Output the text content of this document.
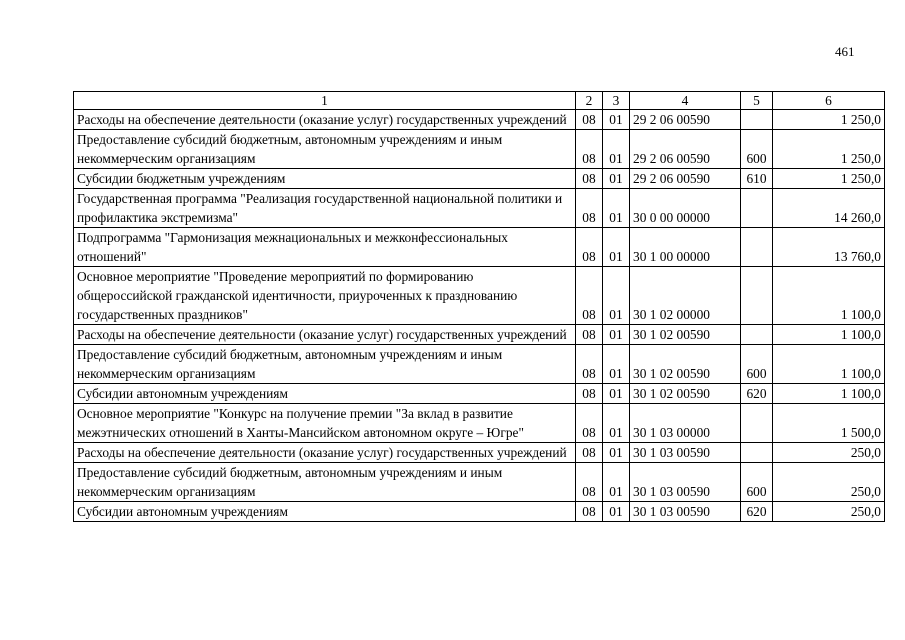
461
1	2	3	4	5	6
Расходы на обеспечение деятельности (оказание услуг) государственных учреждений	08	01	29 2 06 00590		1 250,0
Предоставление субсидий бюджетным, автономным учреждениям и иным некоммерческим организациям	08	01	29 2 06 00590	600	1 250,0
Субсидии бюджетным учреждениям	08	01	29 2 06 00590	610	1 250,0
Государственная программа "Реализация государственной национальной политики и профилактика экстремизма"	08	01	30 0 00 00000		14 260,0
Подпрограмма "Гармонизация межнациональных и межконфессиональных отношений"	08	01	30 1 00 00000		13 760,0
Основное мероприятие "Проведение мероприятий по формированию общероссийской гражданской идентичности, приуроченных к празднованию государственных праздников"	08	01	30 1 02 00000		1 100,0
Расходы на обеспечение деятельности (оказание услуг) государственных учреждений	08	01	30 1 02 00590		1 100,0
Предоставление субсидий бюджетным, автономным учреждениям и иным некоммерческим организациям	08	01	30 1 02 00590	600	1 100,0
Субсидии автономным учреждениям	08	01	30 1 02 00590	620	1 100,0
Основное мероприятие "Конкурс на получение премии "За вклад в развитие межэтнических отношений в Ханты-Мансийском автономном округе – Югре"	08	01	30 1 03 00000		1 500,0
Расходы на обеспечение деятельности (оказание услуг) государственных учреждений	08	01	30 1 03 00590		250,0
Предоставление субсидий бюджетным, автономным учреждениям и иным некоммерческим организациям	08	01	30 1 03 00590	600	250,0
Субсидии автономным учреждениям	08	01	30 1 03 00590	620	250,0
